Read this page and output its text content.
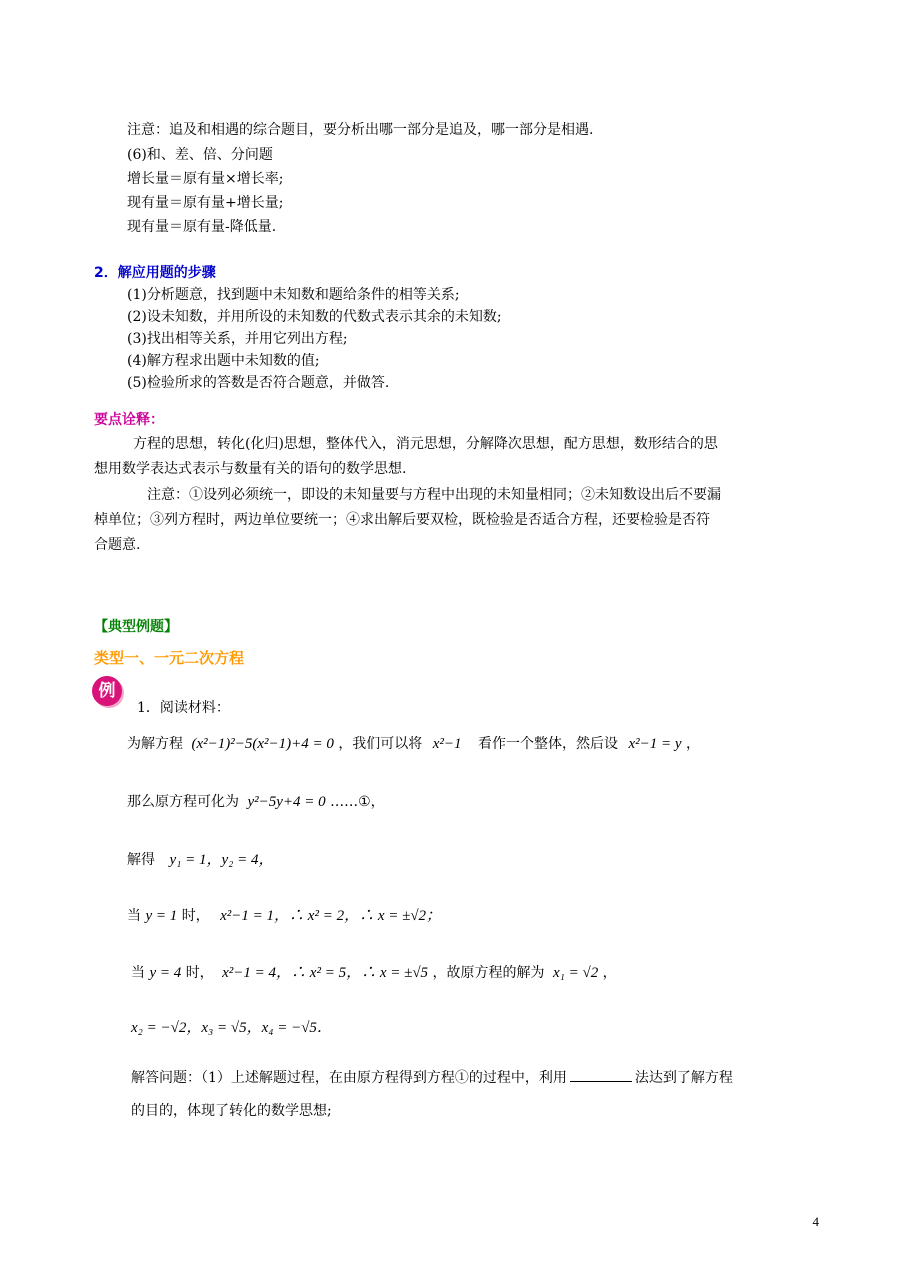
注意：追及和相遇的综合题目，要分析出哪一部分是追及，哪一部分是相遇.
(6)和、差、倍、分问题
增长量＝原有量×增长率;
现有量＝原有量+增长量;
现有量＝原有量-降低量.
2．解应用题的步骤
(1)分析题意，找到题中未知数和题给条件的相等关系;
(2)设未知数，并用所设的未知数的代数式表示其余的未知数;
(3)找出相等关系，并用它列出方程;
(4)解方程求出题中未知数的值;
(5)检验所求的答数是否符合题意，并做答.
要点诠释：
方程的思想，转化(化归)思想，整体代入，消元思想，分解降次思想，配方思想，数形结合的思
想用数学表达式表示与数量有关的语句的数学思想.
注意：①设列必须统一，即设的未知量要与方程中出现的未知量相同；②未知数设出后不要漏
棹单位；③列方程时，两边单位要统一；④求出解后要双检，既检验是否适合方程，还要检验是否符
合题意.
【典型例题】
类型一、一元二次方程
例
1．阅读材料：
为解方程 (x²−1)²−5(x²−1)+4 = 0 ，我们可以将 x²−1 看作一个整体，然后设 x²−1 = y ，
那么原方程可化为 y²−5y+4 = 0 ……①，
解得 y₁ = 1，y₂ = 4，
当 y = 1 时， x²−1 = 1，∴ x² = 2，∴ x = ±√2；
当 y = 4 时， x²−1 = 4，∴ x² = 5，∴ x = ±√5 ，故原方程的解为 x₁ = √2 ，
x₂ = −√2，x₃ = √5，x₄ = −√5．
解答问题：（1）上述解题过程，在由原方程得到方程①的过程中，利用	法达到了解方程
的目的，体现了转化的数学思想;
4
